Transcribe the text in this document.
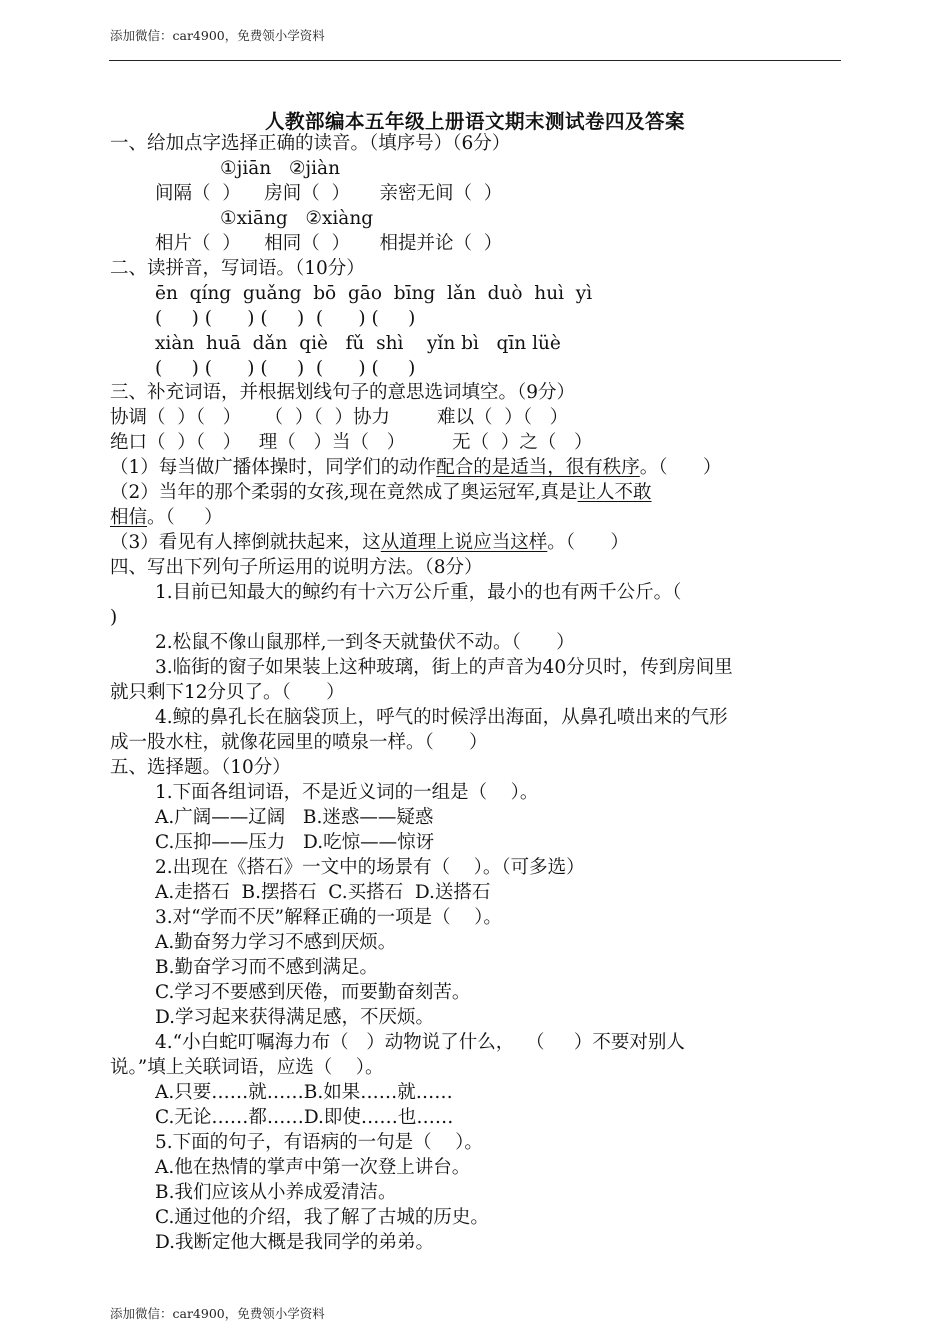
添加微信：car4900，免费领小学资料
人教部编本五年级上册语文期末测试卷四及答案
一、给加点字选择正确的读音。（填序号）（6分）
①jiān   ②jiàn
间隔（  ）    房间（  ）     亲密无间（  ）
①xiāng   ②xiàng
相片（  ）    相同（  ）     相提并论（  ）
二、读拼音，写词语。（10分）
ēn  qíng  guǎng  bō  gāo  bīng  lǎn  duò  huì  yì
(     ) (      ) (     )  (      ) (     )
xiàn  huā  dǎn  qiè   fǔ  shì    yǐn bì   qīn lüè
(     ) (      ) (     )  (      ) (     )
三、补充词语，并根据划线句子的意思选词填空。（9分）
协调（  ）（   ）    （  ）（  ）协力        难以（  ）（   ）
绝口（  ）（   ）   理（   ）当（   ）        无（  ）之（   ）
（1）每当做广播体操时，同学们的动作配合的是适当，很有秩序。（      ）
（2）当年的那个柔弱的女孩,现在竟然成了奥运冠军,真是让人不敢
相信。（     ）
（3）看见有人摔倒就扶起来，这从道理上说应当这样。（      ）
四、写出下列句子所运用的说明方法。（8分）
1.目前已知最大的鲸约有十六万公斤重，最小的也有两千公斤。（
)
2.松鼠不像山鼠那样,一到冬天就蛰伏不动。（      ）
3.临街的窗子如果装上这种玻璃，街上的声音为40分贝时，传到房间里
就只剩下12分贝了。（      ）
4.鲸的鼻孔长在脑袋顶上，呼气的时候浮出海面，从鼻孔喷出来的气形
成一股水柱，就像花园里的喷泉一样。（      ）
五、选择题。（10分）
1.下面各组词语，不是近义词的一组是（    ）。
A.广阔——辽阔   B.迷惑——疑惑
C.压抑——压力   D.吃惊——惊讶
2.出现在《搭石》一文中的场景有（    ）。（可多选）
A.走搭石  B.摆搭石  C.买搭石  D.送搭石
3.对“学而不厌”解释正确的一项是（    ）。
A.勤奋努力学习不感到厌烦。
B.勤奋学习而不感到满足。
C.学习不要感到厌倦，而要勤奋刻苦。
D.学习起来获得满足感，不厌烦。
4.“小白蛇叮嘱海力布（   ）动物说了什么，  （     ）不要对别人
说。”填上关联词语，应选（    ）。
A.只要……就……B.如果……就……
C.无论……都……D.即使……也……
5.下面的句子，有语病的一句是（    ）。
A.他在热情的掌声中第一次登上讲台。
B.我们应该从小养成爱清洁。
C.通过他的介绍，我了解了古城的历史。
D.我断定他大概是我同学的弟弟。
添加微信：car4900，免费领小学资料
